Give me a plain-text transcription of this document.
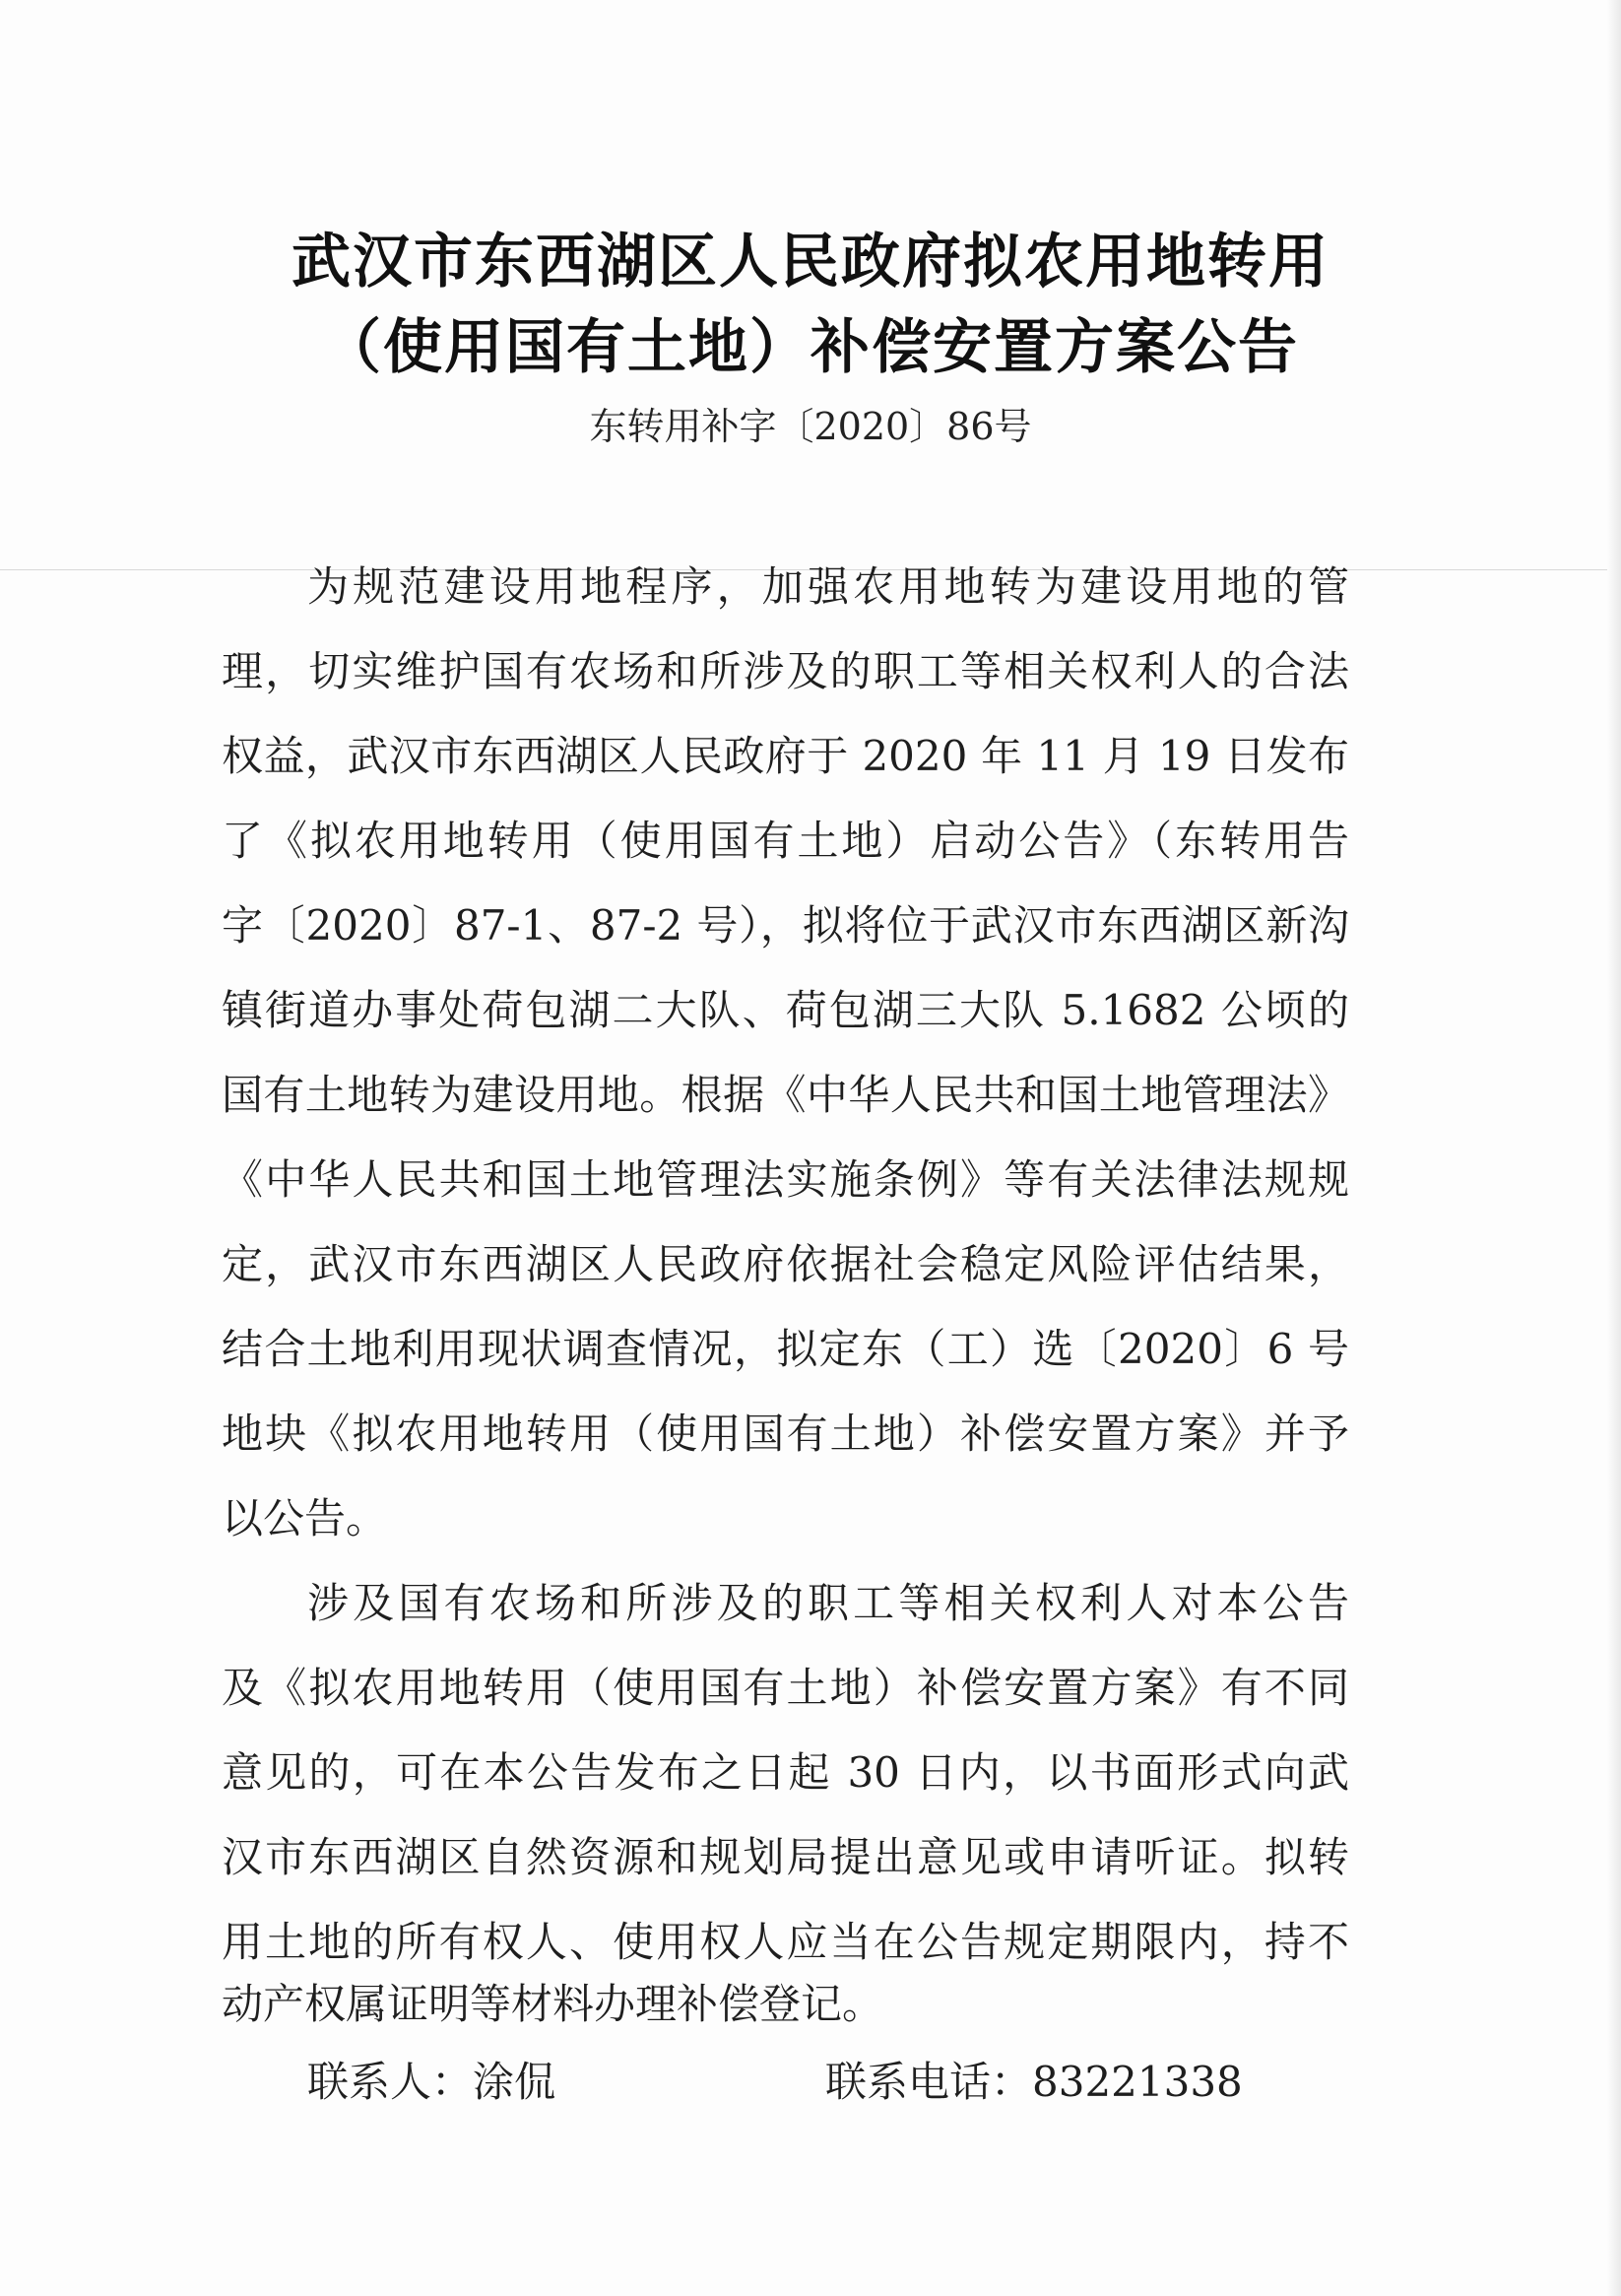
武汉市东西湖区人民政府拟农用地转用
（使用国有土地）补偿安置方案公告
东转用补字〔2020〕86号
为规范建设用地程序，加强农用地转为建设用地的管
理，切实维护国有农场和所涉及的职工等相关权利人的合法
权益，武汉市东西湖区人民政府于 2020 年 11 月 19 日发布
了《拟农用地转用（使用国有土地）启动公告》（东转用告
字〔2020〕87-1、87-2 号），拟将位于武汉市东西湖区新沟
镇街道办事处荷包湖二大队、荷包湖三大队 5.1682 公顷的
国有土地转为建设用地。根据《中华人民共和国土地管理法》
《中华人民共和国土地管理法实施条例》等有关法律法规规
定，武汉市东西湖区人民政府依据社会稳定风险评估结果，
结合土地利用现状调查情况，拟定东（工）选〔2020〕6 号
地块《拟农用地转用（使用国有土地）补偿安置方案》并予
以公告。
涉及国有农场和所涉及的职工等相关权利人对本公告
及《拟农用地转用（使用国有土地）补偿安置方案》有不同
意见的，可在本公告发布之日起 30 日内，以书面形式向武
汉市东西湖区自然资源和规划局提出意见或申请听证。拟转
用土地的所有权人、使用权人应当在公告规定期限内，持不
动产权属证明等材料办理补偿登记。
联系人：涂侃	联系电话：83221338
